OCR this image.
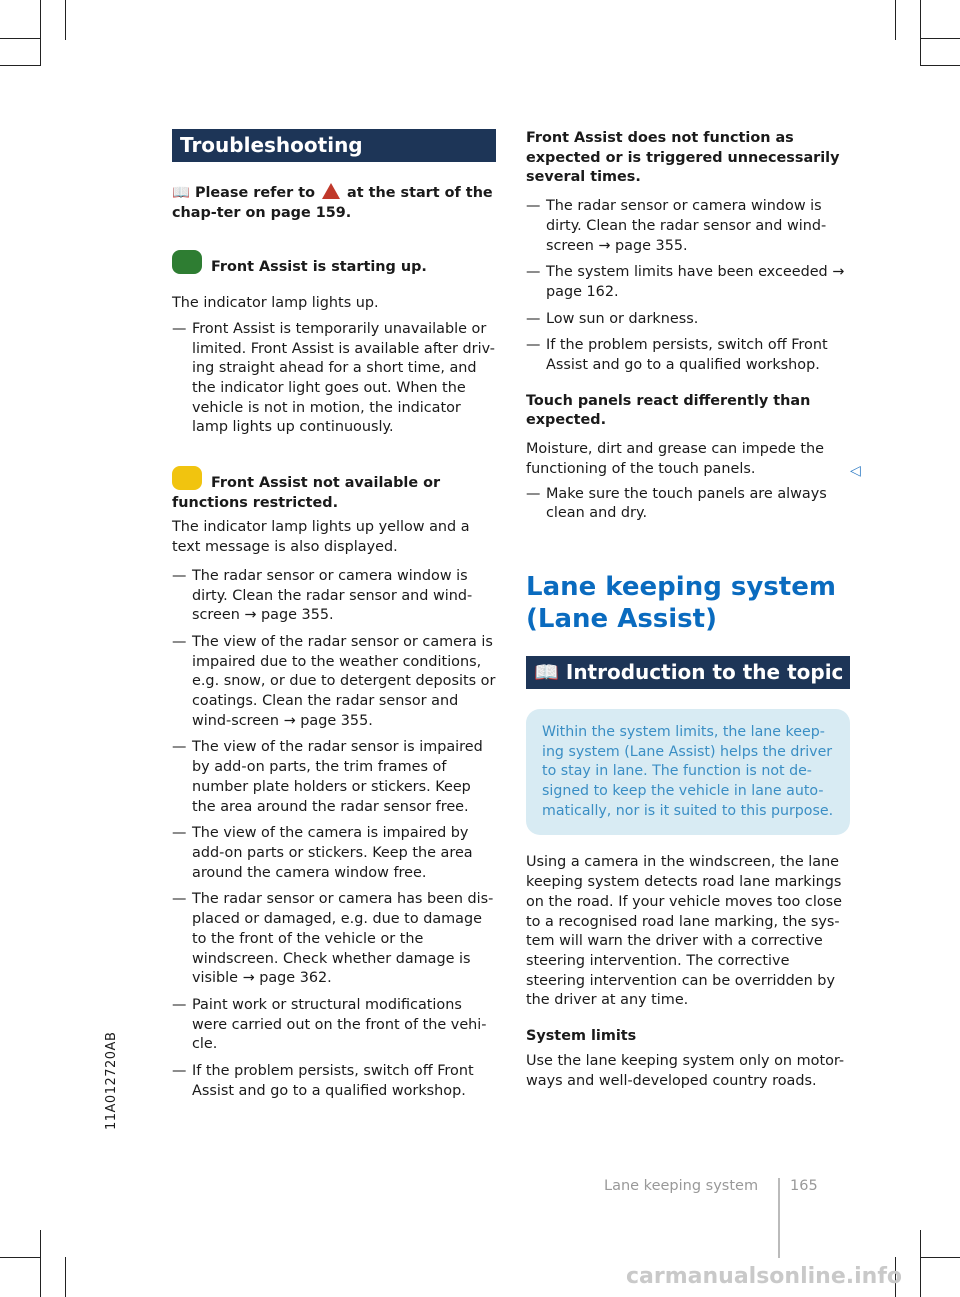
11A012720AB
Troubleshooting

📖 Please refer to at the start of the chap-ter on page 159.

Front Assist is starting up.

The indicator lamp lights up.

— Front Assist is temporarily unavailable or limited. Front Assist is available after driv-ing straight ahead for a short time, and the indicator light goes out. When the vehicle is not in motion, the indicator lamp lights up continuously.

Front Assist not available or functions restricted.

The indicator lamp lights up yellow and a text message is also displayed.

— The radar sensor or camera window is dirty. Clean the radar sensor and wind-screen → page 355.

— The view of the radar sensor or camera is impaired due to the weather conditions, e.g. snow, or due to detergent deposits or coatings. Clean the radar sensor and wind-screen → page 355.

— The view of the radar sensor is impaired by add-on parts, the trim frames of number plate holders or stickers. Keep the area around the radar sensor free.

— The view of the camera is impaired by add-on parts or stickers. Keep the area around the camera window free.

— The radar sensor or camera has been dis-placed or damaged, e.g. due to damage to the front of the vehicle or the windscreen. Check whether damage is visible → page 362.

— Paint work or structural modifications were carried out on the front of the vehi-cle.

— If the problem persists, switch off Front Assist and go to a qualified workshop.

Front Assist does not function as expected or is triggered unnecessarily several times.

— The radar sensor or camera window is dirty. Clean the radar sensor and wind-screen → page 355.

— The system limits have been exceeded → page 162.

— Low sun or darkness.

— If the problem persists, switch off Front Assist and go to a qualified workshop.

Touch panels react differently than expected.

Moisture, dirt and grease can impede the functioning of the touch panels.

— Make sure the touch panels are always clean and dry.

Lane keeping system
(Lane Assist)
📖 Introduction to the topic
Within the system limits, the lane keep-ing system (Lane Assist) helps the driver to stay in lane. The function is not de-signed to keep the vehicle in lane auto-matically, nor is it suited to this purpose.

Using a camera in the windscreen, the lane keeping system detects road lane markings on the road. If your vehicle moves too close to a recognised road lane marking, the sys-tem will warn the driver with a corrective steering intervention. The corrective steering intervention can be overridden by the driver at any time.

System limits

Use the lane keeping system only on motor-ways and well-developed country roads.

◁
Lane keeping system 165
carmanualsonline.info
